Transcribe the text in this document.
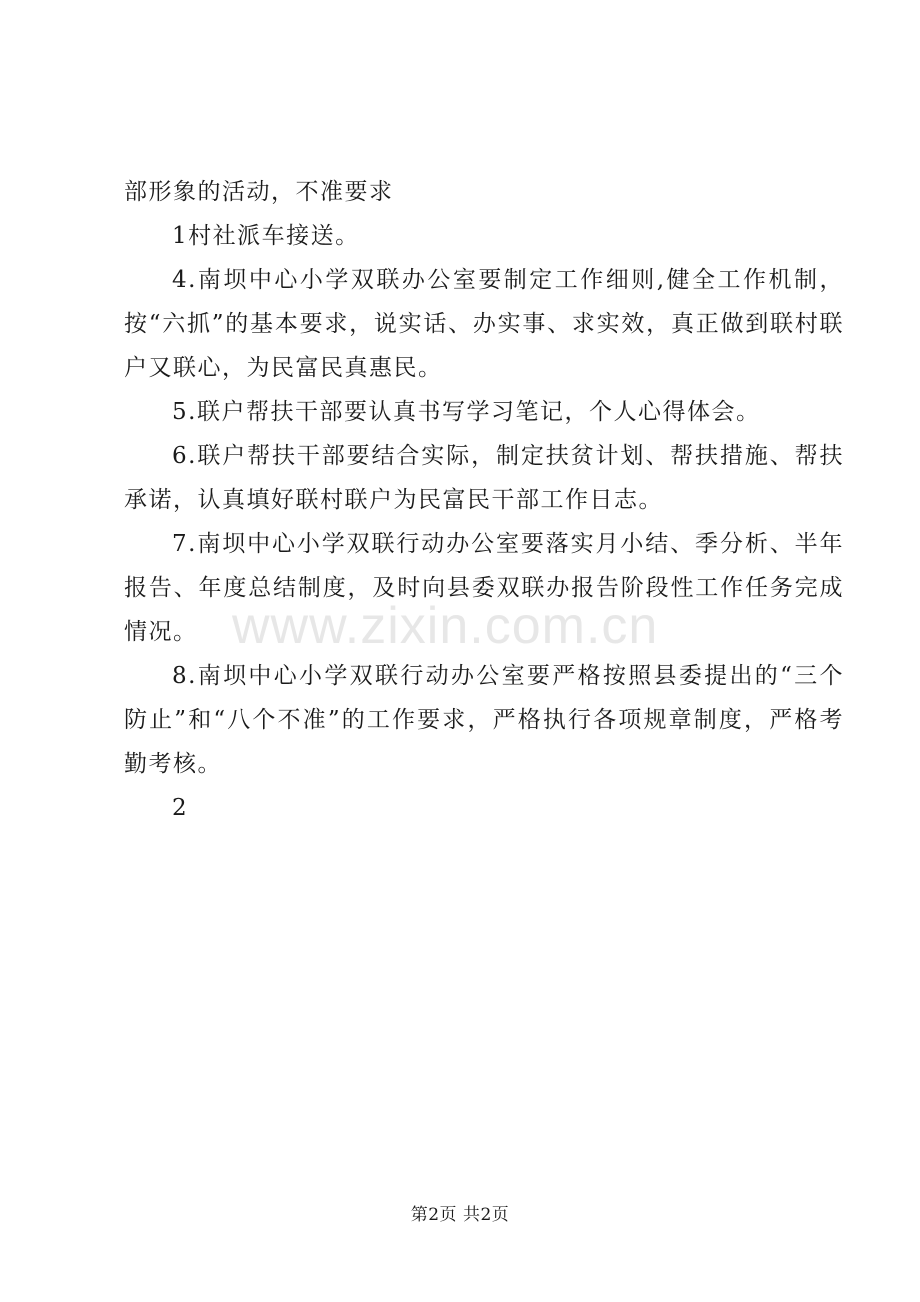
部形象的活动，不准要求

1村社派车接送。

4.南坝中心小学双联办公室要制定工作细则,健全工作机制，按“六抓”的基本要求，说实话、办实事、求实效，真正做到联村联户又联心，为民富民真惠民。

5.联户帮扶干部要认真书写学习笔记，个人心得体会。

6.联户帮扶干部要结合实际，制定扶贫计划、帮扶措施、帮扶承诺，认真填好联村联户为民富民干部工作日志。

7.南坝中心小学双联行动办公室要落实月小结、季分析、半年报告、年度总结制度，及时向县委双联办报告阶段性工作任务完成情况。

8.南坝中心小学双联行动办公室要严格按照县委提出的“三个防止”和“八个不准”的工作要求，严格执行各项规章制度，严格考勤考核。

2

www.zixin.com.cn
第2页 共2页
